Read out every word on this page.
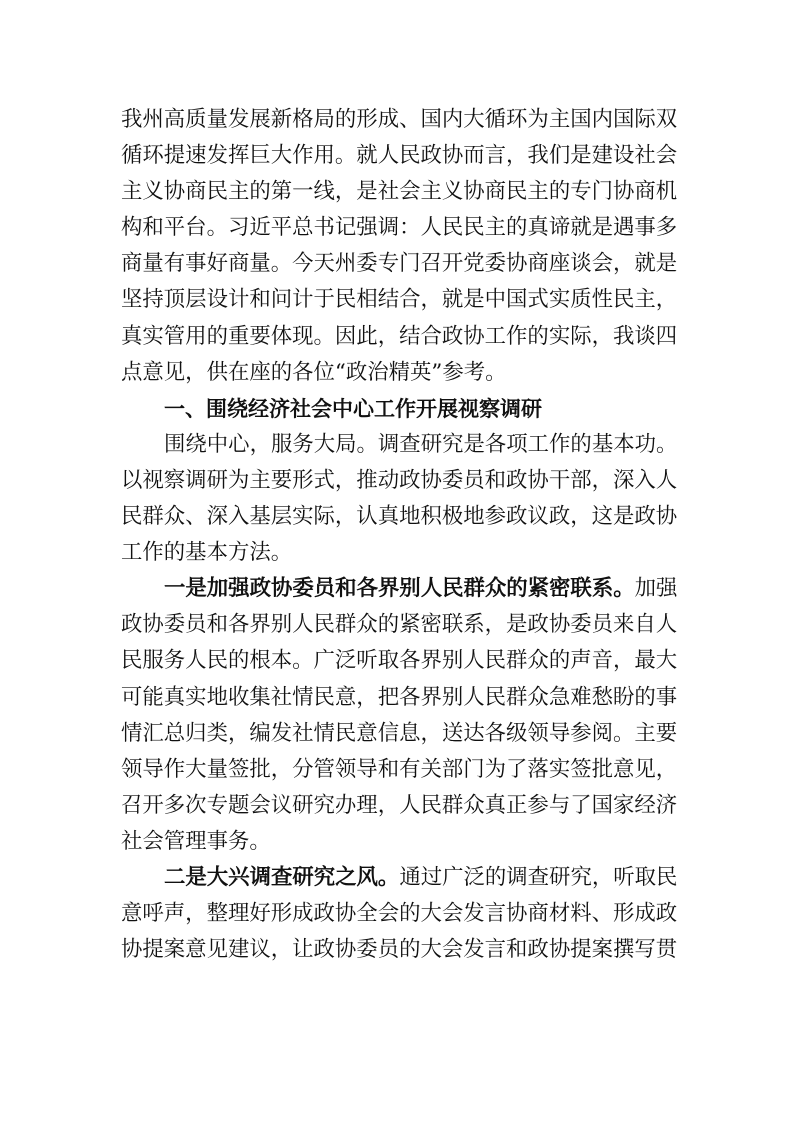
我州高质量发展新格局的形成、国内大循环为主国内国际双
循环提速发挥巨大作用。就人民政协而言，我们是建设社会
主义协商民主的第一线，是社会主义协商民主的专门协商机
构和平台。习近平总书记强调：人民民主的真谛就是遇事多
商量有事好商量。今天州委专门召开党委协商座谈会，就是
坚持顶层设计和问计于民相结合，就是中国式实质性民主，
真实管用的重要体现。因此，结合政协工作的实际，我谈四
点意见，供在座的各位“政治精英”参考。
一、围绕经济社会中心工作开展视察调研
围绕中心，服务大局。调查研究是各项工作的基本功。
以视察调研为主要形式，推动政协委员和政协干部，深入人
民群众、深入基层实际，认真地积极地参政议政，这是政协
工作的基本方法。
一是加强政协委员和各界别人民群众的紧密联系。加强
政协委员和各界别人民群众的紧密联系，是政协委员来自人
民服务人民的根本。广泛听取各界别人民群众的声音，最大
可能真实地收集社情民意，把各界别人民群众急难愁盼的事
情汇总归类，编发社情民意信息，送达各级领导参阅。主要
领导作大量签批，分管领导和有关部门为了落实签批意见，
召开多次专题会议研究办理，人民群众真正参与了国家经济
社会管理事务。
二是大兴调查研究之风。通过广泛的调查研究，听取民
意呼声，整理好形成政协全会的大会发言协商材料、形成政
协提案意见建议，让政协委员的大会发言和政协提案撰写贯
